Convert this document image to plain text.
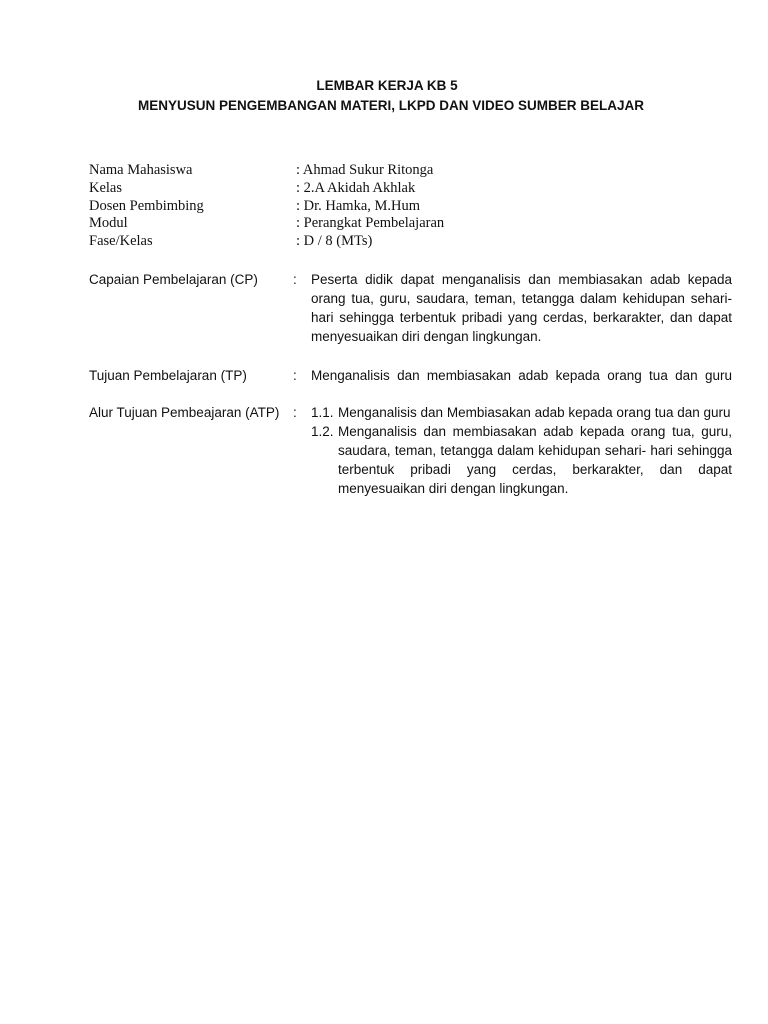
LEMBAR KERJA KB 5
MENYUSUN PENGEMBANGAN MATERI, LKPD DAN VIDEO SUMBER BELAJAR
Nama Mahasiswa	: Ahmad Sukur Ritonga
Kelas	: 2.A Akidah Akhlak
Dosen Pembimbing	: Dr. Hamka, M.Hum
Modul	: Perangkat Pembelajaran
Fase/Kelas	: D / 8 (MTs)
Capaian Pembelajaran (CP)	: Peserta didik dapat menganalisis dan membiasakan adab kepada orang tua, guru, saudara, teman, tetangga dalam kehidupan sehari-hari sehingga terbentuk pribadi yang cerdas, berkarakter, dan dapat menyesuaikan diri dengan lingkungan.
Tujuan Pembelajaran (TP)	: Menganalisis dan membiasakan adab kepada orang tua dan guru
Alur Tujuan Pembeajaran (ATP) : 1.1. Menganalisis dan Membiasakan adab kepada orang tua dan guru
1.2. Menganalisis dan membiasakan adab kepada orang tua, guru, saudara, teman, tetangga dalam kehidupan sehari- hari sehingga terbentuk pribadi yang cerdas, berkarakter, dan dapat menyesuaikan diri dengan lingkungan.
